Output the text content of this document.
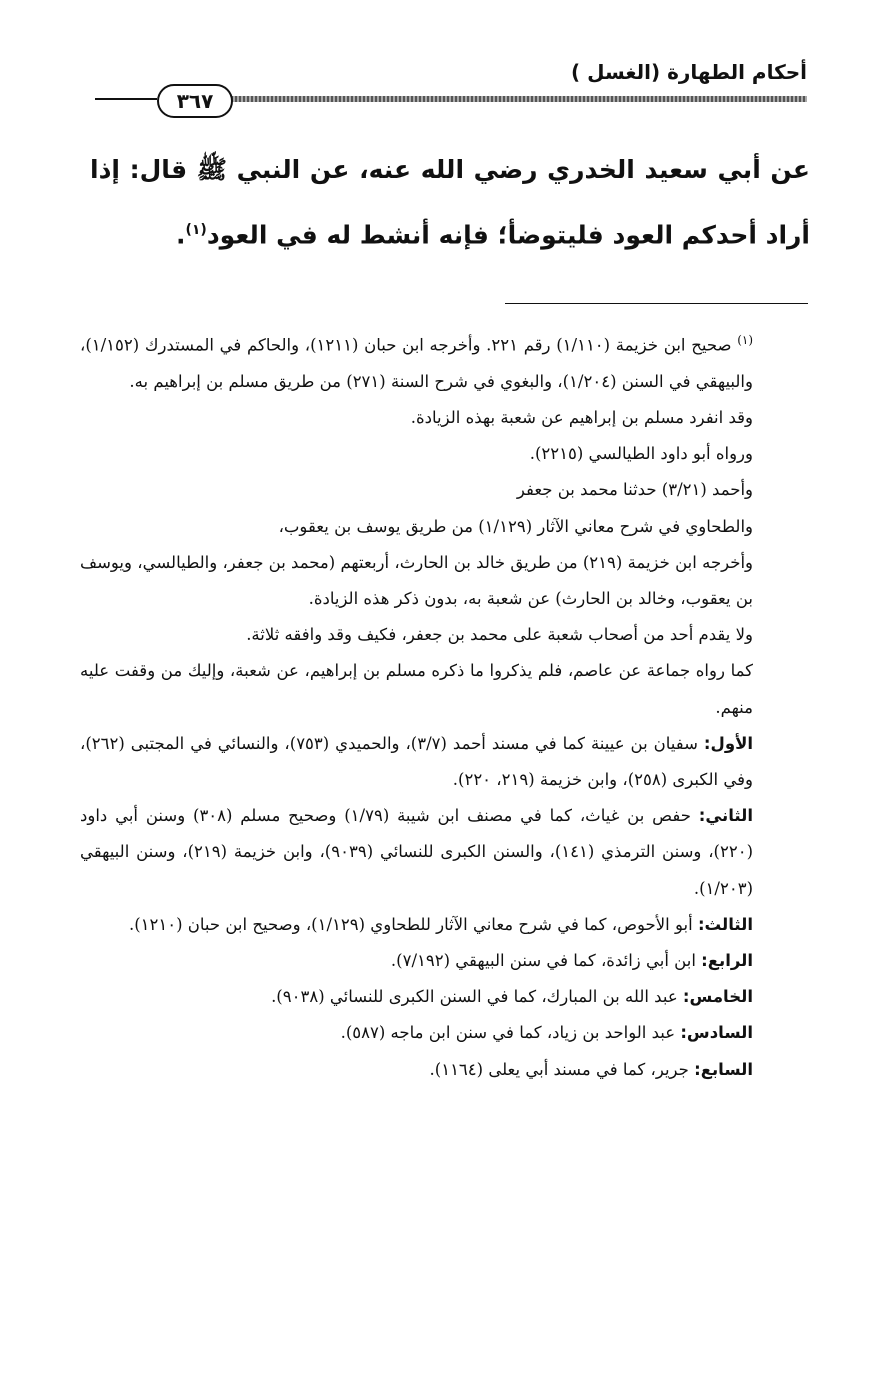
أحكام الطهارة (الغسل )
٣٦٧
عن أبي سعيد الخدري رضي الله عنه، عن النبي ﷺ قال: إذا أراد أحدكم العود فليتوضأ؛ فإنه أنشط له في العود$^{(١)}$.

$^{(١)}$ صحيح ابن خزيمة (١/١١٠) رقم ٢٢١. وأخرجه ابن حبان (١٢١١)، والحاكم في المستدرك (١/١٥٢)، والبيهقي في السنن (١/٢٠٤)، والبغوي في شرح السنة (٢٧١) من طريق مسلم بن إبراهيم به.

وقد انفرد مسلم بن إبراهيم عن شعبة بهذه الزيادة.

ورواه أبو داود الطيالسي (٢٢١٥).

وأحمد (٣/٢١) حدثنا محمد بن جعفر

والطحاوي في شرح معاني الآثار (١/١٢٩) من طريق يوسف بن يعقوب،

وأخرجه ابن خزيمة (٢١٩) من طريق خالد بن الحارث، أربعتهم (محمد بن جعفر، والطيالسي، ويوسف بن يعقوب، وخالد بن الحارث) عن شعبة به، بدون ذكر هذه الزيادة.

ولا يقدم أحد من أصحاب شعبة على محمد بن جعفر، فكيف وقد وافقه ثلاثة.

كما رواه جماعة عن عاصم، فلم يذكروا ما ذكره مسلم بن إبراهيم، عن شعبة، وإليك من وقفت عليه منهم.

الأول: سفيان بن عيينة كما في مسند أحمد (٣/٧)، والحميدي (٧٥٣)، والنسائي في المجتبى (٢٦٢)، وفي الكبرى (٢٥٨)، وابن خزيمة (٢١٩، ٢٢٠).

الثاني: حفص بن غياث، كما في مصنف ابن شيبة (١/٧٩) وصحيح مسلم (٣٠٨) وسنن أبي داود (٢٢٠)، وسنن الترمذي (١٤١)، والسنن الكبرى للنسائي (٩٠٣٩)، وابن خزيمة (٢١٩)، وسنن البيهقي (١/٢٠٣).

الثالث: أبو الأحوص، كما في شرح معاني الآثار للطحاوي (١/١٢٩)، وصحيح ابن حبان (١٢١٠).

الرابع: ابن أبي زائدة، كما في سنن البيهقي (٧/١٩٢).

الخامس: عبد الله بن المبارك، كما في السنن الكبرى للنسائي (٩٠٣٨).

السادس: عبد الواحد بن زياد، كما في سنن ابن ماجه (٥٨٧).

السابع: جرير، كما في مسند أبي يعلى (١١٦٤).
